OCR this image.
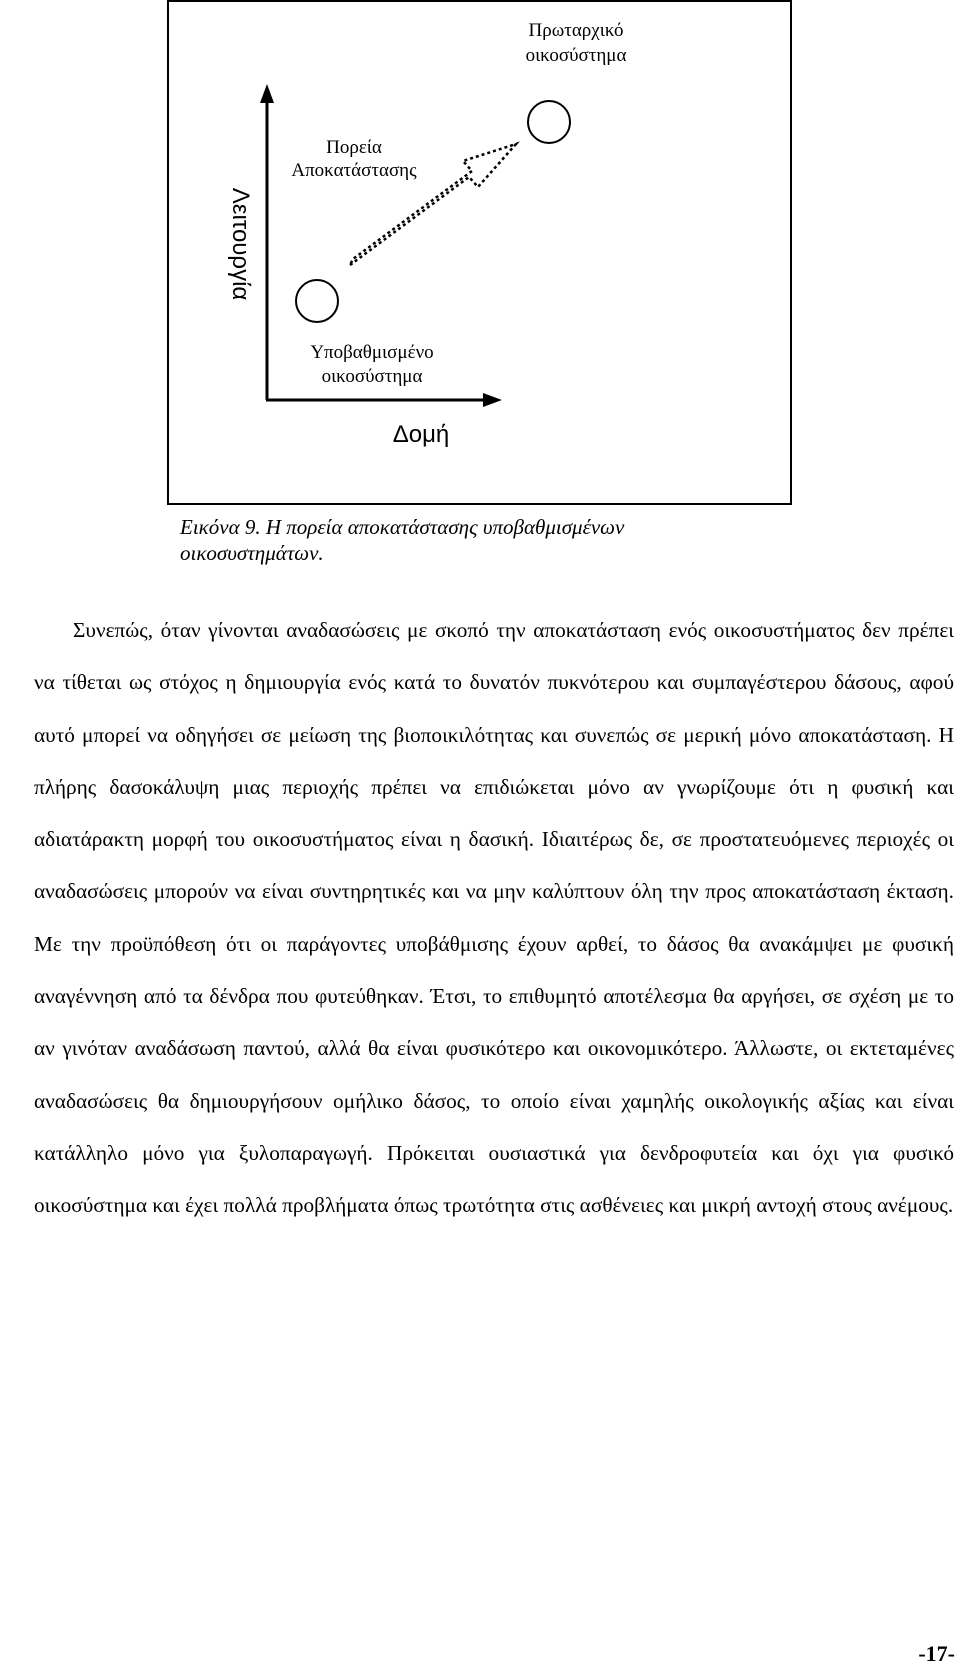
Πρωταρχικό
οικοσύστημα
Πορεία
Αποκατάστασης
Υποβαθμισμένο
οικοσύστημα
Λειτουργία
Δομή
Εικόνα 9. Η πορεία αποκατάστασης υποβαθμισμένων οικοσυστημάτων.

Συνεπώς, όταν γίνονται αναδασώσεις με σκοπό την αποκατάσταση ενός οικοσυστήματος δεν πρέπει να τίθεται ως στόχος η δημιουργία ενός κατά το δυνατόν πυκνότερου και συμπαγέστερου δάσους, αφού αυτό μπορεί να οδηγήσει σε μείωση της βιοποικιλότητας και συνεπώς σε μερική μόνο αποκατάσταση. Η πλήρης δασοκάλυψη μιας περιοχής πρέπει να επιδιώκεται μόνο αν γνωρίζουμε ότι η φυσική και αδιατάρακτη μορφή του οικοσυστήματος είναι η δασική. Ιδιαιτέρως δε, σε προστατευόμενες περιοχές οι αναδασώσεις μπορούν να είναι συντηρητικές και να μην καλύπτουν όλη την προς αποκατάσταση έκταση. Με την προϋπόθεση ότι οι παράγοντες υποβάθμισης έχουν αρθεί, το δάσος θα ανακάμψει με φυσική αναγέννηση από τα δένδρα που φυτεύθηκαν. Έτσι, το επιθυμητό αποτέλεσμα θα αργήσει, σε σχέση με το αν γινόταν αναδάσωση παντού, αλλά θα είναι φυσικότερο και οικονομικότερο. Άλλωστε, οι εκτεταμένες αναδασώσεις θα δημιουργήσουν ομήλικο δάσος, το οποίο είναι χαμηλής οικολογικής αξίας και είναι κατάλληλο μόνο για ξυλοπαραγωγή. Πρόκειται ουσιαστικά για δενδροφυτεία και όχι για φυσικό οικοσύστημα και έχει πολλά προβλήματα όπως τρωτότητα στις ασθένειες και μικρή αντοχή στους ανέμους.

-17-
